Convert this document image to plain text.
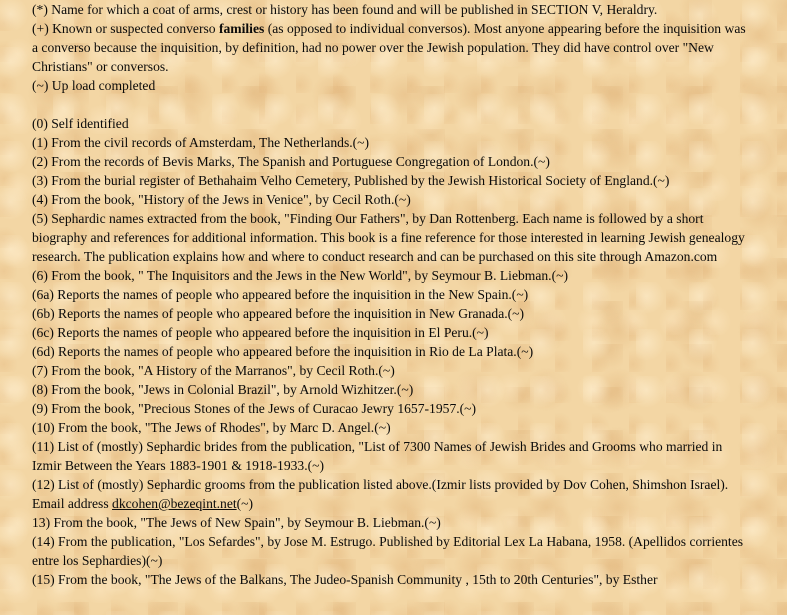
(*) Name for which a coat of arms, crest or history has been found and will be published in SECTION V, Heraldry.
(+) Known or suspected converso families (as opposed to individual conversos). Most anyone appearing before the inquisition was a converso because the inquisition, by definition, had no power over the Jewish population. They did have control over "New Christians" or conversos.
(~) Up load completed
(0) Self identified
(1) From the civil records of Amsterdam, The Netherlands.(~)
(2) From the records of Bevis Marks, The Spanish and Portuguese Congregation of London.(~)
(3) From the burial register of Bethahaim Velho Cemetery, Published by the Jewish Historical Society of England.(~)
(4) From the book, "History of the Jews in Venice", by Cecil Roth.(~)
(5) Sephardic names extracted from the book, "Finding Our Fathers", by Dan Rottenberg. Each name is followed by a short biography and references for additional information. This book is a fine reference for those interested in learning Jewish genealogy research. The publication explains how and where to conduct research and can be purchased on this site through Amazon.com
(6) From the book, " The Inquisitors and the Jews in the New World", by Seymour B. Liebman.(~)
(6a) Reports the names of people who appeared before the inquisition in the New Spain.(~)
(6b) Reports the names of people who appeared before the inquisition in New Granada.(~)
(6c) Reports the names of people who appeared before the inquisition in El Peru.(~)
(6d) Reports the names of people who appeared before the inquisition in Rio de La Plata.(~)
(7) From the book, "A History of the Marranos", by Cecil Roth.(~)
(8) From the book, "Jews in Colonial Brazil", by Arnold Wizhitzer.(~)
(9) From the book, "Precious Stones of the Jews of Curacao Jewry 1657-1957.(~)
(10) From the book, "The Jews of Rhodes", by Marc D. Angel.(~)
(11) List of (mostly) Sephardic brides from the publication, "List of 7300 Names of Jewish Brides and Grooms who married in Izmir Between the Years 1883-1901 & 1918-1933.(~)
(12) List of (mostly) Sephardic grooms from the publication listed above.(Izmir lists provided by Dov Cohen, Shimshon Israel). Email address dkcohen@bezeqint.net(~)
13) From the book, "The Jews of New Spain", by Seymour B. Liebman.(~)
(14) From the publication, "Los Sefardes", by Jose M. Estrugo. Published by Editorial Lex La Habana, 1958. (Apellidos corrientes entre los Sephardies)(~)
(15) From the book, "The Jews of the Balkans, The Judeo-Spanish Community , 15th to 20th Centuries", by Esther
